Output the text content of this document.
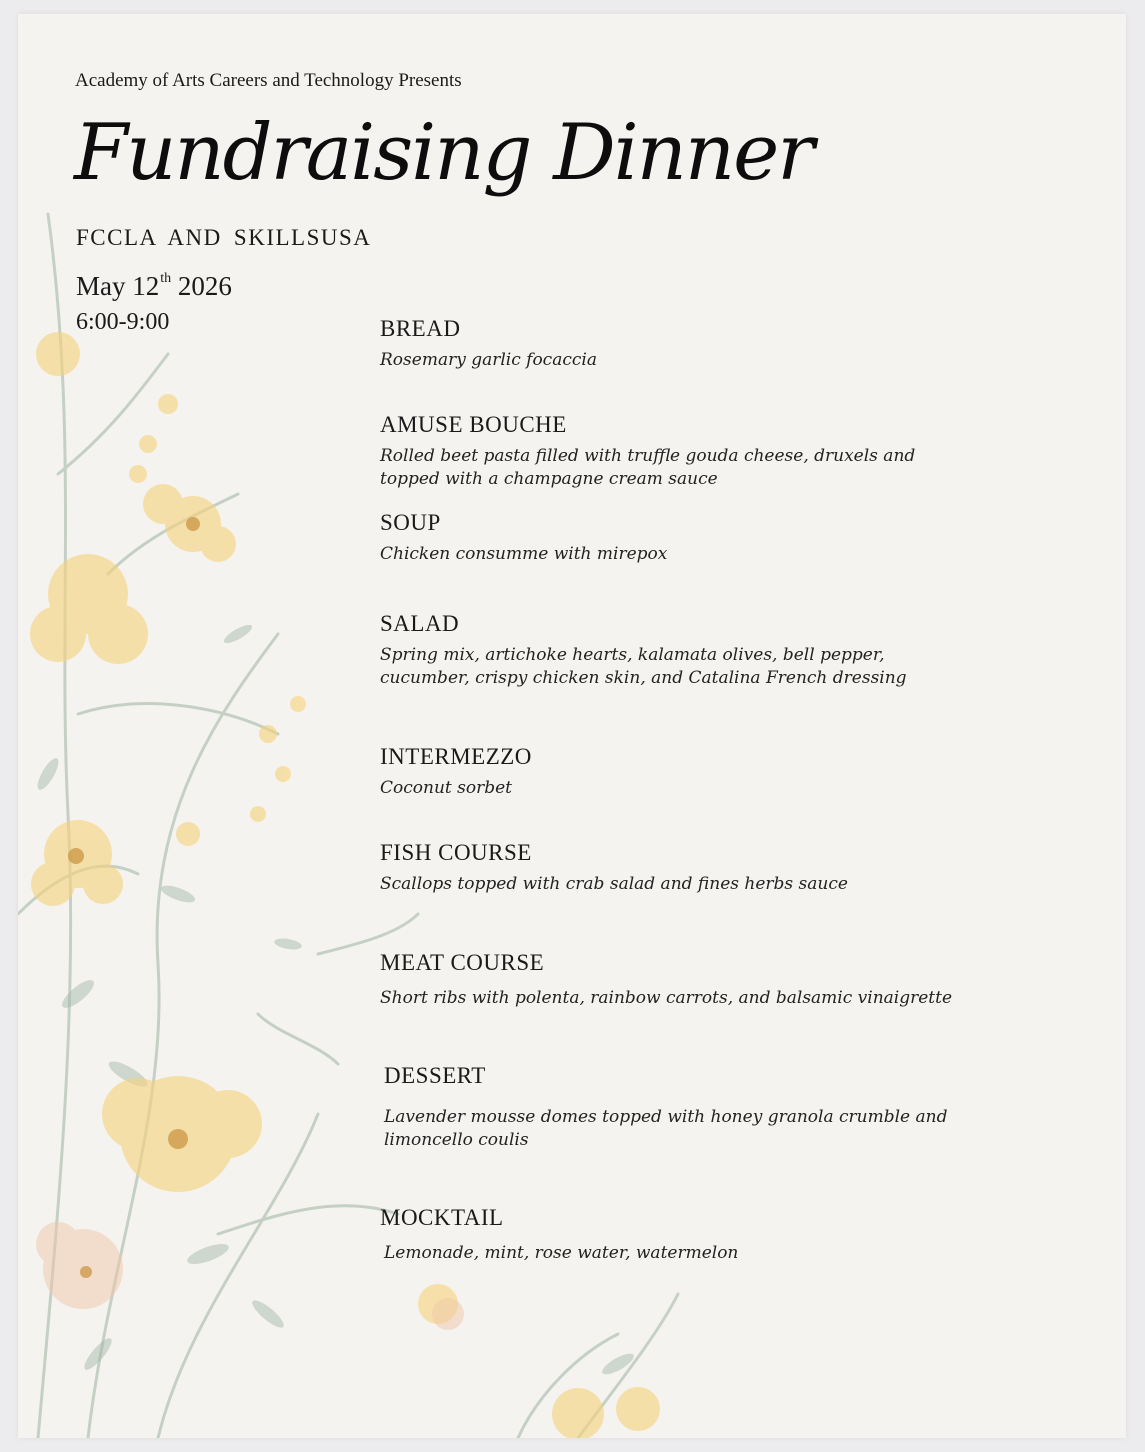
Academy of Arts Careers and Technology Presents

Fundraising Dinner

FCCLA AND SKILLSUSA

May 12th 2026

6:00-9:00	BREAD

Rosemary garlic focaccia

AMUSE BOUCHE

Rolled beet pasta filled with truffle gouda cheese, druxels and topped with a champagne cream sauce

SOUP

Chicken consumme with mirepox

SALAD

Spring mix, artichoke hearts, kalamata olives, bell pepper, cucumber, crispy chicken skin, and Catalina French dressing

INTERMEZZO

Coconut sorbet

FISH COURSE

Scallops topped with crab salad and fines herbs sauce

MEAT COURSE

Short ribs with polenta, rainbow carrots, and balsamic vinaigrette

DESSERT

Lavender mousse domes topped with honey granola crumble and limoncello coulis

MOCKTAIL

Lemonade, mint, rose water, watermelon
